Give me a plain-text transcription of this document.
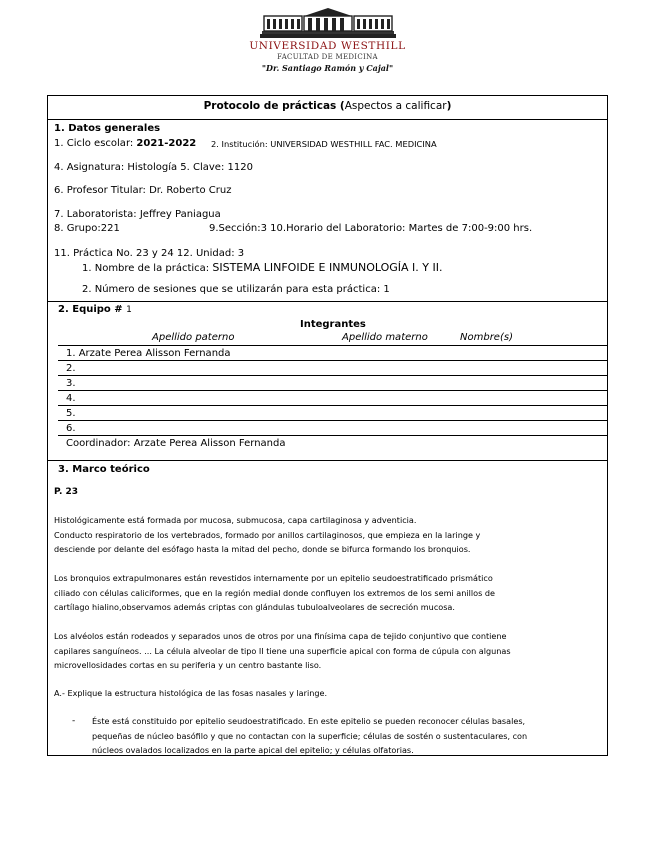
UNIVERSIDAD WESTHILL
FACULTAD DE MEDICINA
"Dr. Santiago Ramón y Cajal"
Protocolo de prácticas (Aspectos a calificar)
1. Datos generales
1. Ciclo escolar: 2021-2022 2. Institución: UNIVERSIDAD WESTHILL FAC. MEDICINA
4. Asignatura: Histología 5. Clave: 1120
6. Profesor Titular: Dr. Roberto Cruz
7. Laboratorista: Jeffrey Paniagua
8. Grupo:221	9.Sección:3 10.Horario del Laboratorio: Martes de 7:00-9:00 hrs.
11. Práctica No. 23 y 24 12. Unidad: 3
1. Nombre de la práctica: SISTEMA LINFOIDE E INMUNOLOGÍA I. Y II.
2. Número de sesiones que se utilizarán para esta práctica: 1
2. Equipo # 1
Integrantes
Apellido paterno	Apellido materno	Nombre(s)
1. Arzate Perea Alisson Fernanda
2.
3.
4.
5.
6.
Coordinador: Arzate Perea Alisson Fernanda
3. Marco teórico
P. 23

Histológicamente está formada por mucosa, submucosa, capa cartilaginosa y adventicia.

Conducto respiratorio de los vertebrados, formado por anillos cartilaginosos, que empieza en la laringe y

desciende por delante del esófago hasta la mitad del pecho, donde se bifurca formando los bronquios.

Los bronquios extrapulmonares están revestidos internamente por un epitelio seudoestratificado prismático

ciliado con células caliciformes, que en la región medial donde confluyen los extremos de los semi anillos de

cartílago hialino,observamos además criptas con glándulas tubuloalveolares de secreción mucosa.

Los alvéolos están rodeados y separados unos de otros por una finísima capa de tejido conjuntivo que contiene

capilares sanguíneos. ... La célula alveolar de tipo II tiene una superficie apical con forma de cúpula con algunas

microvellosidades cortas en su periferia y un centro bastante liso.

A.- Explique la estructura histológica de las fosas nasales y laringe.

- Éste está constituido por epitelio seudoestratificado. En este epitelio se pueden reconocer células basales,

pequeñas de núcleo basófilo y que no contactan con la superficie; células de sostén o sustentaculares, con

núcleos ovalados localizados en la parte apical del epitelio; y células olfatorias.
